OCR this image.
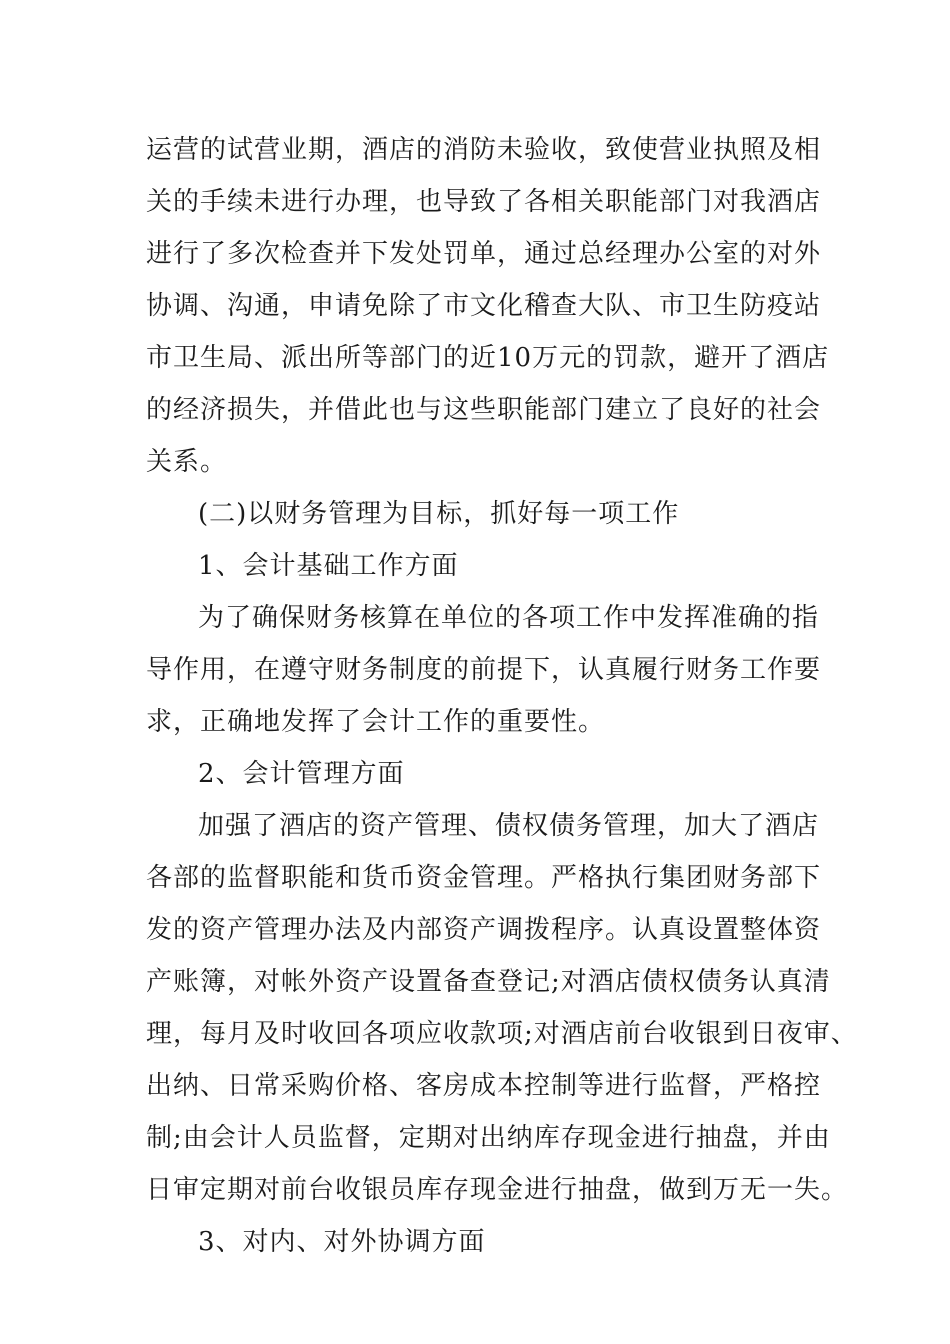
运营的试营业期，酒店的消防未验收，致使营业执照及相
关的手续未进行办理，也导致了各相关职能部门对我酒店
进行了多次检查并下发处罚单，通过总经理办公室的对外
协调、沟通，申请免除了市文化稽查大队、市卫生防疫站
市卫生局、派出所等部门的近10万元的罚款，避开了酒店
的经济损失，并借此也与这些职能部门建立了良好的社会
关系。
(二)以财务管理为目标，抓好每一项工作
1、会计基础工作方面
为了确保财务核算在单位的各项工作中发挥准确的指
导作用，在遵守财务制度的前提下，认真履行财务工作要
求，正确地发挥了会计工作的重要性。
2、会计管理方面
加强了酒店的资产管理、债权债务管理，加大了酒店
各部的监督职能和货币资金管理。严格执行集团财务部下
发的资产管理办法及内部资产调拨程序。认真设置整体资
产账簿，对帐外资产设置备查登记;对酒店债权债务认真清
理，每月及时收回各项应收款项;对酒店前台收银到日夜审、
出纳、日常采购价格、客房成本控制等进行监督，严格控
制;由会计人员监督，定期对出纳库存现金进行抽盘，并由
日审定期对前台收银员库存现金进行抽盘，做到万无一失。
3、对内、对外协调方面
